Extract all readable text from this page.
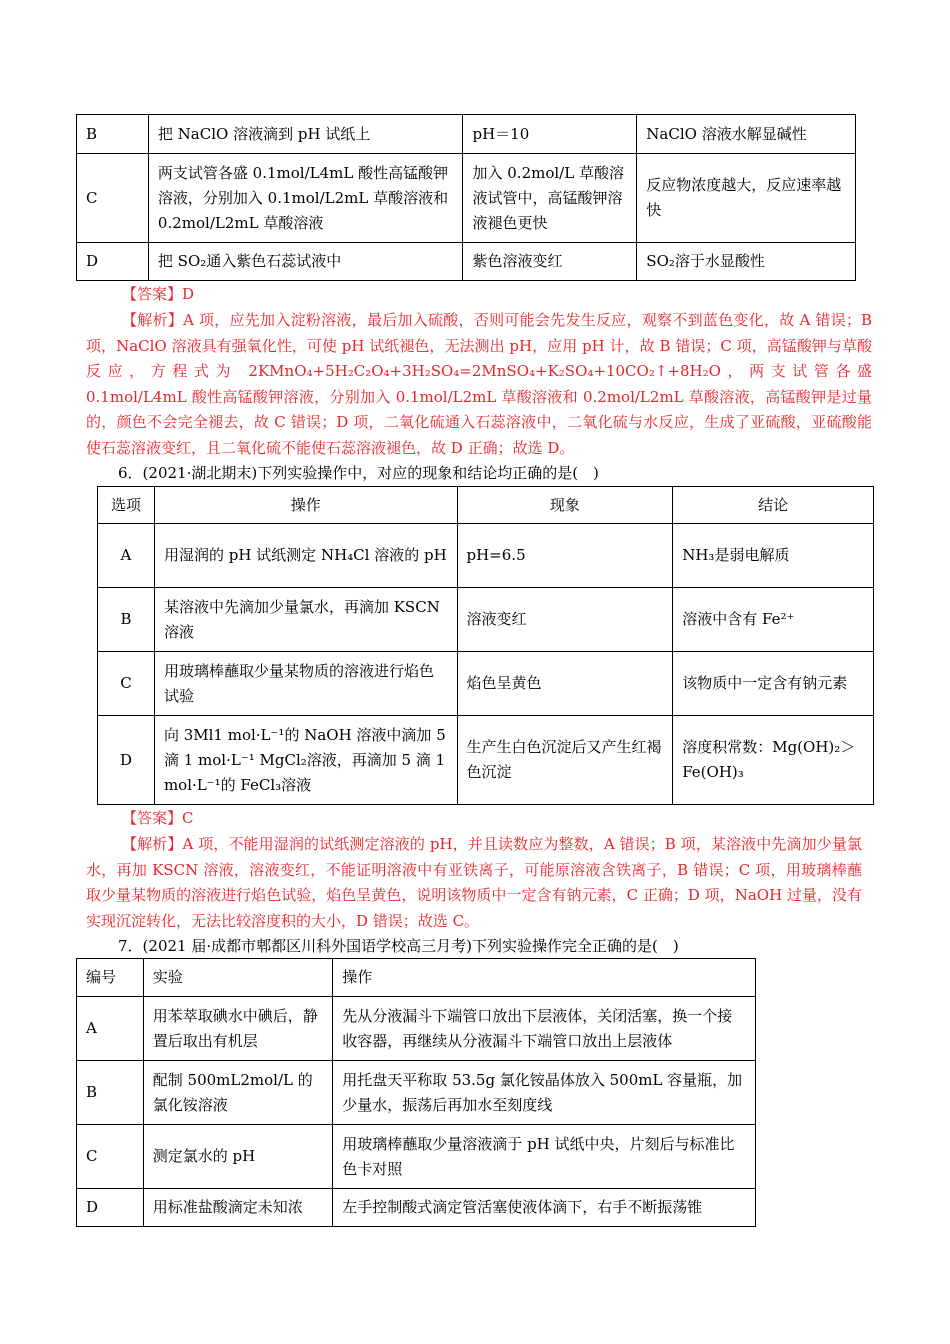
B	把 NaClO 溶液滴到 pH 试纸上	pH＝10	NaClO 溶液水解显碱性
C	两支试管各盛 0.1mol/L4mL 酸性高锰酸钾溶液，分别加入 0.1mol/L2mL 草酸溶液和 0.2mol/L2mL 草酸溶液	加入 0.2mol/L 草酸溶液试管中，高锰酸钾溶液褪色更快	反应物浓度越大，反应速率越快
D	把 SO₂通入紫色石蕊试液中	紫色溶液变红	SO₂溶于水显酸性
【答案】D
【解析】A 项，应先加入淀粉溶液，最后加入硫酸，否则可能会先发生反应，观察不到蓝色变化，故 A 错误；B 项，NaClO 溶液具有强氧化性，可使 pH 试纸褪色，无法测出 pH，应用 pH 计，故 B 错误；C 项，高锰酸钾与草酸反应，方程式为 2KMnO₄+5H₂C₂O₄+3H₂SO₄=2MnSO₄+K₂SO₄+10CO₂↑+8H₂O，两支试管各盛 0.1mol/L4mL 酸性高锰酸钾溶液，分别加入 0.1mol/L2mL 草酸溶液和 0.2mol/L2mL 草酸溶液，高锰酸钾是过量的，颜色不会完全褪去，故 C 错误；D 项，二氧化硫通入石蕊溶液中，二氧化硫与水反应，生成了亚硫酸，亚硫酸能使石蕊溶液变红，且二氧化硫不能使石蕊溶液褪色，故 D 正确；故选 D。
6．(2021·湖北期末)下列实验操作中，对应的现象和结论均正确的是(　)
选项	操作	现象	结论
A	用湿润的 pH 试纸测定 NH₄Cl 溶液的 pH	pH=6.5	NH₃是弱电解质
B	某溶液中先滴加少量氯水，再滴加 KSCN 溶液	溶液变红	溶液中含有 Fe²⁺
C	用玻璃棒蘸取少量某物质的溶液进行焰色试验	焰色呈黄色	该物质中一定含有钠元素
D	向 3Ml1 mol·L⁻¹的 NaOH 溶液中滴加 5 滴 1 mol·L⁻¹ MgCl₂溶液，再滴加 5 滴 1 mol·L⁻¹的 FeCl₃溶液	生产生白色沉淀后又产生红褐色沉淀	溶度积常数：Mg(OH)₂＞Fe(OH)₃
【答案】C
【解析】A 项，不能用湿润的试纸测定溶液的 pH，并且读数应为整数，A 错误；B 项，某溶液中先滴加少量氯水，再加 KSCN 溶液，溶液变红，不能证明溶液中有亚铁离子，可能原溶液含铁离子，B 错误；C 项，用玻璃棒蘸取少量某物质的溶液进行焰色试验，焰色呈黄色，说明该物质中一定含有钠元素，C 正确；D 项，NaOH 过量，没有实现沉淀转化，无法比较溶度积的大小，D 错误；故选 C。
7．(2021 届·成都市郫都区川科外国语学校高三月考)下列实验操作完全正确的是(　)
编号	实验	操作
A	用苯萃取碘水中碘后，静置后取出有机层	先从分液漏斗下端管口放出下层液体，关闭活塞，换一个接收容器，再继续从分液漏斗下端管口放出上层液体
B	配制 500mL2mol/L 的氯化铵溶液	用托盘天平称取 53.5g 氯化铵晶体放入 500mL 容量瓶，加少量水，振荡后再加水至刻度线
C	测定氯水的 pH	用玻璃棒蘸取少量溶液滴于 pH 试纸中央，片刻后与标准比色卡对照
D	用标准盐酸滴定未知浓	左手控制酸式滴定管活塞使液体滴下，右手不断振荡锥
